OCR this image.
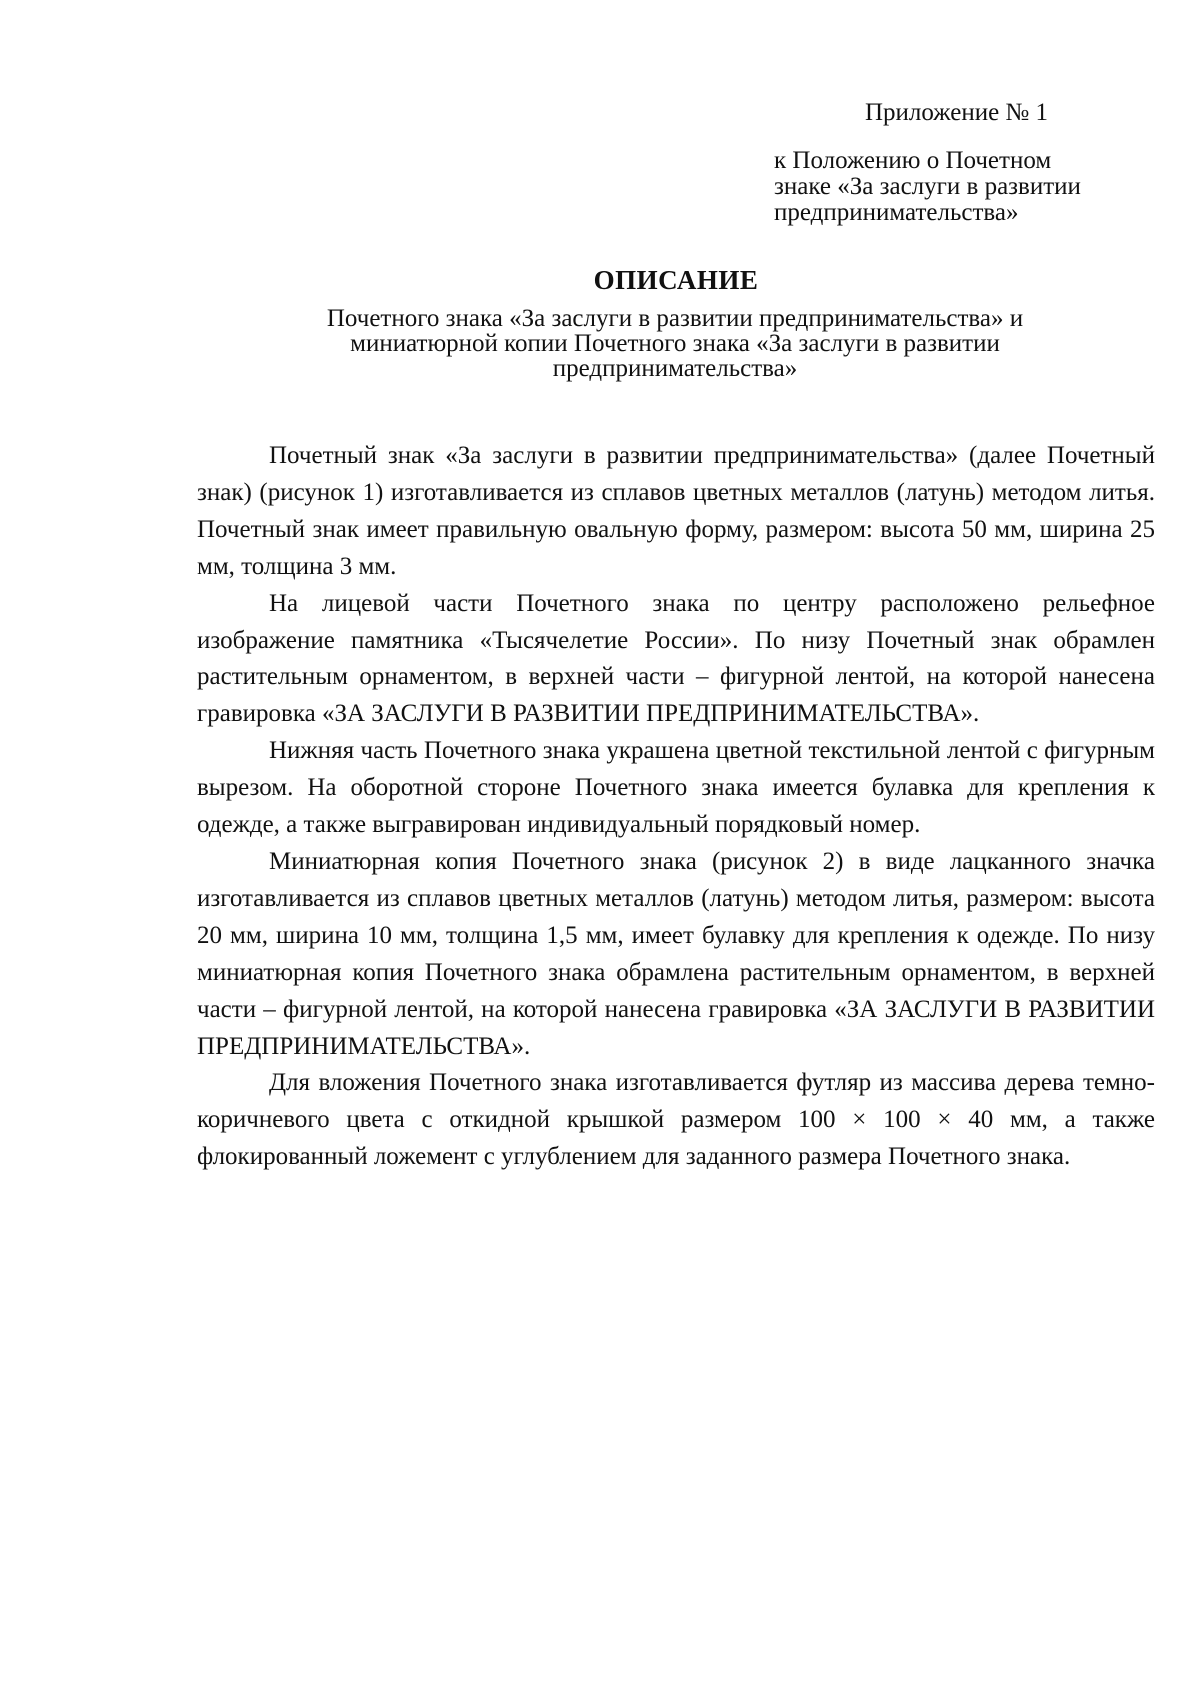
Приложение № 1
к Положению о Почетном
знаке «За заслуги в развитии
предпринимательства»
ОПИСАНИЕ
Почетного знака «За заслуги в развитии предпринимательства» и
миниатюрной копии Почетного знака «За заслуги в развитии
предпринимательства»

Почетный знак «За заслуги в развитии предпринимательства» (далее Почетный знак) (рисунок 1) изготавливается из сплавов цветных металлов (латунь) методом литья. Почетный знак имеет правильную овальную форму, размером: высота 50 мм, ширина 25 мм, толщина 3 мм.

На лицевой части Почетного знака по центру расположено рельефное изображение памятника «Тысячелетие России». По низу Почетный знак обрамлен растительным орнаментом, в верхней части – фигурной лентой, на которой нанесена гравировка «ЗА ЗАСЛУГИ В РАЗВИТИИ ПРЕДПРИНИМАТЕЛЬСТВА».

Нижняя часть Почетного знака украшена цветной текстильной лентой с фигурным вырезом. На оборотной стороне Почетного знака имеется булавка для крепления к одежде, а также выгравирован индивидуальный порядковый номер.

Миниатюрная копия Почетного знака (рисунок 2) в виде лацканного значка изготавливается из сплавов цветных металлов (латунь) методом литья, размером: высота 20 мм, ширина 10 мм, толщина 1,5 мм, имеет булавку для крепления к одежде. По низу миниатюрная копия Почетного знака обрамлена растительным орнаментом, в верхней части – фигурной лентой, на которой нанесена гравировка «ЗА ЗАСЛУГИ В РАЗВИТИИ ПРЕДПРИНИМАТЕЛЬСТВА».

Для вложения Почетного знака изготавливается футляр из массива дерева темно-коричневого цвета с откидной крышкой размером 100 × 100 × 40 мм, а также флокированный ложемент с углублением для заданного размера Почетного знака.
